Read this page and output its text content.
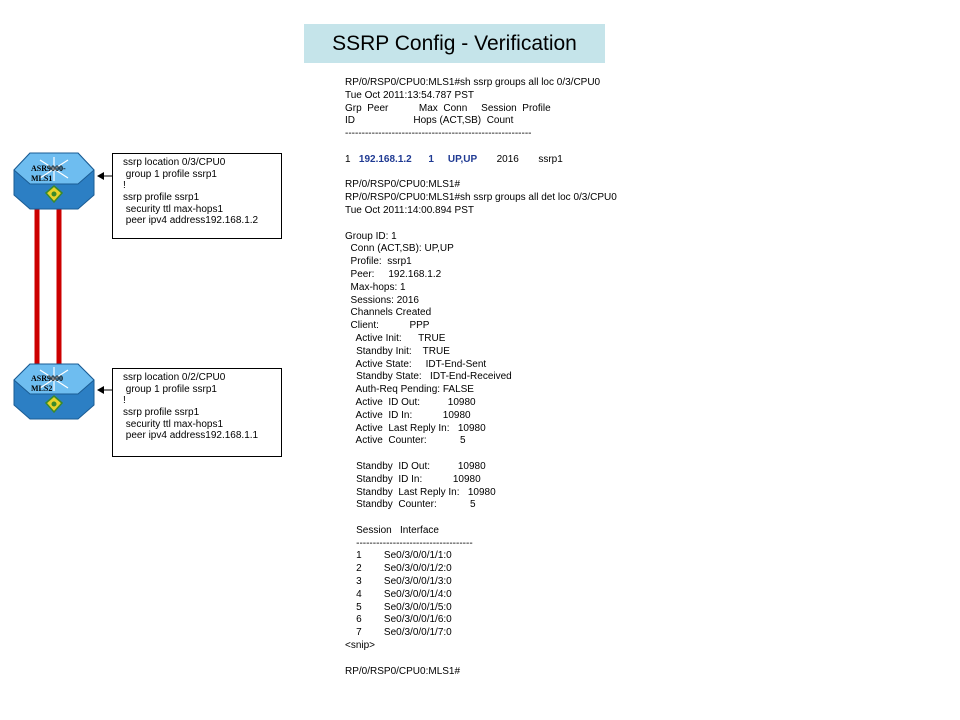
SSRP Config - Verification
ASR9000-
MLS1
ASR9000
MLS2
ssrp location 0/3/CPU0
group 1 profile ssrp1
!
ssrp profile ssrp1
security ttl max-hops1
peer ipv4 address192.168.1.2
ssrp location 0/2/CPU0
group 1 profile ssrp1
!
ssrp profile ssrp1
security ttl max-hops1
peer ipv4 address192.168.1.1
RP/0/RSP0/CPU0:MLS1#sh ssrp groups all loc 0/3/CPU0
Tue Oct 2011:13:54.787 PST
Grp  Peer           Max  Conn     Session  Profile
ID                     Hops (ACT,SB)  Count
--------------------------------------------------------
1   192.168.1.2 1 UP,UP 2016 ssrp1
RP/0/RSP0/CPU0:MLS1#
RP/0/RSP0/CPU0:MLS1#sh ssrp groups all det loc 0/3/CPU0
Tue Oct 2011:14:00.894 PST
Group ID: 1
Conn (ACT,SB): UP,UP
Profile:  ssrp1
Peer:     192.168.1.2
Max-hops: 1
Sessions: 2016
Channels Created
Client:           PPP
Active Init:      TRUE
Standby Init:    TRUE
Active State:     IDT-End-Sent
Standby State:   IDT-End-Received
Auth-Req Pending: FALSE
Active  ID Out:          10980
Active  ID In:           10980
Active  Last Reply In:   10980
Active  Counter:            5
Standby  ID Out:          10980
Standby  ID In:           10980
Standby  Last Reply In:   10980
Standby  Counter:            5
Session   Interface
-----------------------------------
1        Se0/3/0/0/1/1:0
2        Se0/3/0/0/1/2:0
3        Se0/3/0/0/1/3:0
4        Se0/3/0/0/1/4:0
5        Se0/3/0/0/1/5:0
6        Se0/3/0/0/1/6:0
7        Se0/3/0/0/1/7:0
<snip>
RP/0/RSP0/CPU0:MLS1#
